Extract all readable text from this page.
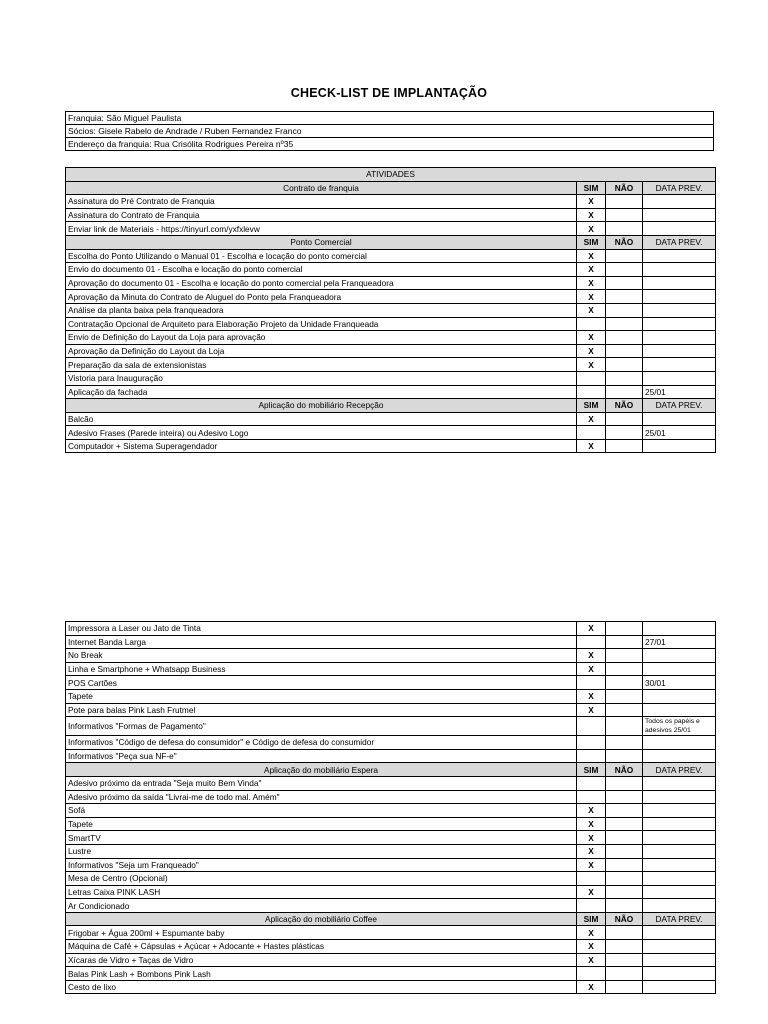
CHECK-LIST DE IMPLANTAÇÃO
Franquia: São Miguel Paulista
Sócios: Gisele Rabelo de Andrade / Ruben Fernandez Franco
Endereço da franquia: Rua Crisólita Rodrigues Pereira nº35
ATIVIDADES			
Contrato de franquia	SIM	NÃO	DATA PREV.
Assinatura do Pré Contrato de Franquia	X		
Assinatura do Contrato de Franquia	X		
Enviar link de Materiais - https://tinyurl.com/yxfxlevw	X		
Ponto Comercial	SIM	NÃO	DATA PREV.
Escolha do Ponto Utilizando o Manual 01 - Escolha e locação do ponto comercial	X		
Envio do documento 01 - Escolha e locação do ponto comercial	X		
Aprovação do documento 01 - Escolha e locação do ponto comercial pela Franqueadora	X		
Aprovação da Minuta do Contrato de Aluguel do Ponto pela Franqueadora	X		
Análise da planta baixa pela franqueadora	X		
Contratação Opcional de Arquiteto para Elaboração Projeto da Unidade Franqueada			
Envio de Definição do Layout da Loja para aprovação	X		
Aprovação da Definição do Layout da Loja	X		
Preparação da sala de extensionistas	X		
Vistoria para Inauguração			
Aplicação da fachada			25/01
Aplicação do mobiliário Recepção	SIM	NÃO	DATA PREV.
Balcão	X		
Adesivo Frases (Parede inteira) ou Adesivo Logo			25/01
Computador + Sistema Superagendador	X		
Impressora a Laser ou Jato de Tinta	X		
Internet Banda Larga			27/01
No Break	X		
Linha e Smartphone + Whatsapp Business	X		
POS Cartões			30/01
Tapete	X		
Pote para balas Pink Lash Frutmel	X		
Informativos "Formas de Pagamento"			Todos os papéis e adesivos 25/01

Informativos "Código de defesa do consumidor" e Código de defesa do consumidor			
Informativos "Peça sua NF-e"			
Aplicação do mobiliário Espera	SIM	NÃO	DATA PREV.
Adesivo próximo da entrada "Seja muito Bem Vinda"			
Adesivo próximo da saída "Livrai-me de todo mal. Amém"			
Sofá	X		
Tapete	X		
SmartTV	X		
Lustre	X		
Informativos "Seja um Franqueado"	X		
Mesa de Centro (Opcional)			
Letras Caixa PINK LASH	X		
Ar Condicionado			
Aplicação do mobiliário Coffee	SIM	NÃO	DATA PREV.
Frigobar + Água 200ml + Espumante baby	X		
Máquina de Café + Cápsulas + Açúcar + Adocante + Hastes plásticas	X		
Xícaras de Vidro + Taças de Vidro	X		
Balas Pink Lash + Bombons Pink Lash			
Cesto de lixo	X		
